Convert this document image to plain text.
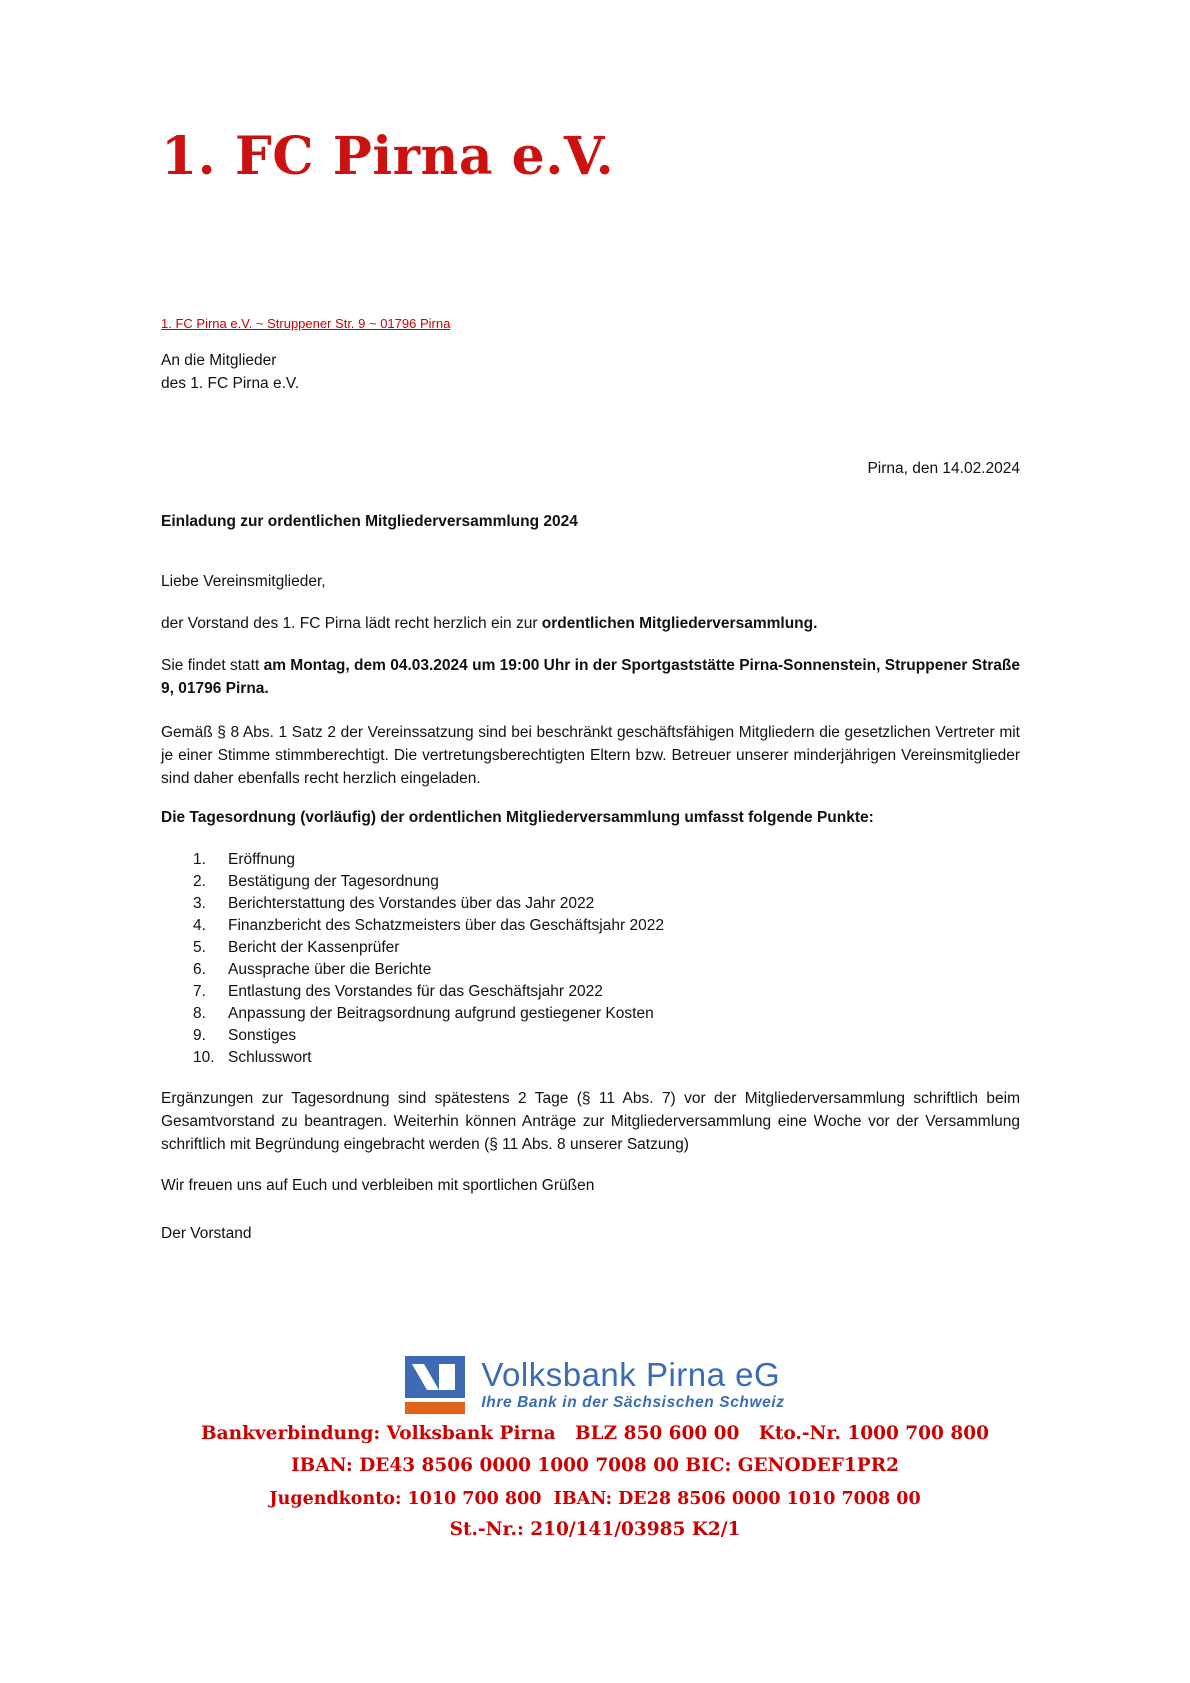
1. FC Pirna e.V.
1. FC Pirna e.V. ~ Struppener Str. 9 ~ 01796 Pirna
An die Mitglieder
des 1. FC Pirna e.V.
Pirna, den 14.02.2024
Einladung zur ordentlichen Mitgliederversammlung 2024

Liebe Vereinsmitglieder,

der Vorstand des 1. FC Pirna lädt recht herzlich ein zur ordentlichen Mitgliederversammlung.

Sie findet statt am Montag, dem 04.03.2024 um 19:00 Uhr in der Sportgaststätte Pirna-Sonnenstein, Struppener Straße 9, 01796 Pirna.

Gemäß § 8 Abs. 1 Satz 2 der Vereinssatzung sind bei beschränkt geschäftsfähigen Mitgliedern die gesetzlichen Vertreter mit je einer Stimme stimmberechtigt. Die vertretungsberechtigten Eltern bzw. Betreuer unserer minderjährigen Vereinsmitglieder sind daher ebenfalls recht herzlich eingeladen.

Die Tagesordnung (vorläufig) der ordentlichen Mitgliederversammlung umfasst folgende Punkte:

Eröffnung
Bestätigung der Tagesordnung
Berichterstattung des Vorstandes über das Jahr 2022
Finanzbericht des Schatzmeisters über das Geschäftsjahr 2022
Bericht der Kassenprüfer
Aussprache über die Berichte
Entlastung des Vorstandes für das Geschäftsjahr 2022
Anpassung der Beitragsordnung aufgrund gestiegener Kosten
Sonstiges
Schlusswort

Ergänzungen zur Tagesordnung sind spätestens 2 Tage (§ 11 Abs. 7) vor der Mitgliederversammlung schriftlich beim Gesamtvorstand zu beantragen. Weiterhin können Anträge zur Mitgliederversammlung eine Woche vor der Versammlung schriftlich mit Begründung eingebracht werden (§ 11 Abs. 8 unserer Satzung)

Wir freuen uns auf Euch und verbleiben mit sportlichen Grüßen

Der Vorstand

Volksbank Pirna eG
Ihre Bank in der Sächsischen Schweiz
Bankverbindung: Volksbank Pirna   BLZ 850 600 00   Kto.-Nr. 1000 700 800
IBAN: DE43 8506 0000 1000 7008 00 BIC: GENODEF1PR2
Jugendkonto: 1010 700 800  IBAN: DE28 8506 0000 1010 7008 00
St.-Nr.: 210/141/03985 K2/1
